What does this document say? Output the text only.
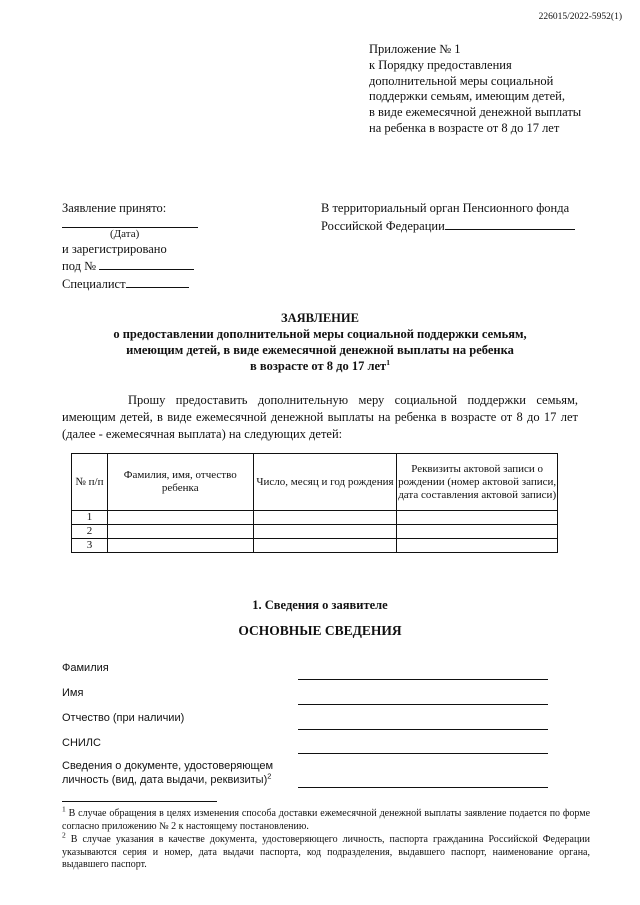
226015/2022-5952(1)
Приложение № 1
к Порядку предоставления
дополнительной меры социальной
поддержки семьям, имеющим детей,
в виде ежемесячной денежной выплаты
на ребенка в возрасте от 8 до 17 лет
Заявление принято:
(Дата)
и зарегистрировано
под №
Специалист
В территориальный орган Пенсионного фонда
Российской Федерации
ЗАЯВЛЕНИЕ
о предоставлении дополнительной меры социальной поддержки семьям,
имеющим детей, в виде ежемесячной денежной выплаты на ребенка
в возрасте от 8 до 17 лет$^1$
Прошу предоставить дополнительную меру социальной поддержки семьям, имеющим детей, в виде ежемесячной денежной выплаты на ребенка в возрасте от 8 до 17 лет (далее - ежемесячная выплата) на следующих детей:
№ п/п	Фамилия, имя, отчество ребенка	Число, месяц и год рождения	Реквизиты актовой записи о рождении (номер актовой записи, дата составления актовой записи)
1			
2			
3			
1. Сведения о заявителе
ОСНОВНЫЕ СВЕДЕНИЯ
Фамилия
Имя
Отчество (при наличии)
СНИЛС
Сведения о документе, удостоверяющем
личность (вид, дата выдачи, реквизиты)$^2$
$^1$ В случае обращения в целях изменения способа доставки ежемесячной денежной выплаты заявление подается по форме согласно приложению № 2 к настоящему постановлению.
$^2$ В случае указания в качестве документа, удостоверяющего личность, паспорта гражданина Российской Федерации указываются серия и номер, дата выдачи паспорта, код подразделения, выдавшего паспорт, наименование органа, выдавшего паспорт.
